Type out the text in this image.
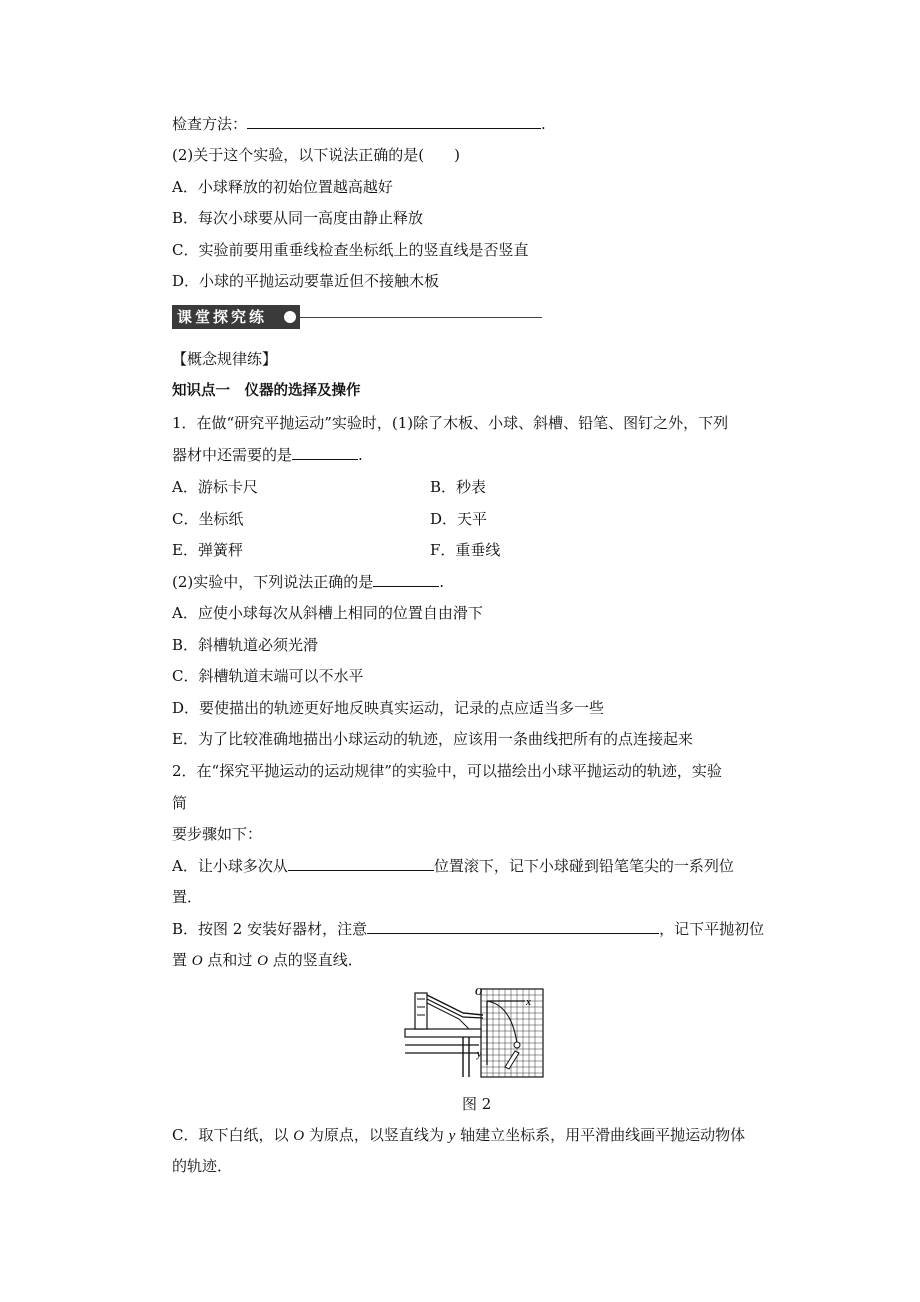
检查方法：	.
(2)关于这个实验，以下说法正确的是(　　)
A．小球释放的初始位置越高越好
B．每次小球要从同一高度由静止释放
C．实验前要用重垂线检查坐标纸上的竖直线是否竖直
D．小球的平抛运动要靠近但不接触木板
课堂探究练
【概念规律练】
知识点一　仪器的选择及操作
1．在做“研究平抛运动”实验时，(1)除了木板、小球、斜槽、铅笔、图钉之外，下列
器材中还需要的是	.
A．游标卡尺	B．秒表
C．坐标纸	D．天平
E．弹簧秤	F．重垂线
(2)实验中，下列说法正确的是	.
A．应使小球每次从斜槽上相同的位置自由滑下
B．斜槽轨道必须光滑
C．斜槽轨道末端可以不水平
D．要使描出的轨迹更好地反映真实运动，记录的点应适当多一些
E．为了比较准确地描出小球运动的轨迹，应该用一条曲线把所有的点连接起来
2．在“探究平抛运动的运动规律”的实验中，可以描绘出小球平抛运动的轨迹，实验
简
要步骤如下：
A．让小球多次从	位置滚下，记下小球碰到铅笔笔尖的一系列位
置．
B．按图 2 安装好器材，注意	，记下平抛初位
置 O 点和过 O 点的竖直线．
O
x
y
图 2
C．取下白纸，以 O 为原点，以竖直线为 y 轴建立坐标系，用平滑曲线画平抛运动物体
的轨迹．
